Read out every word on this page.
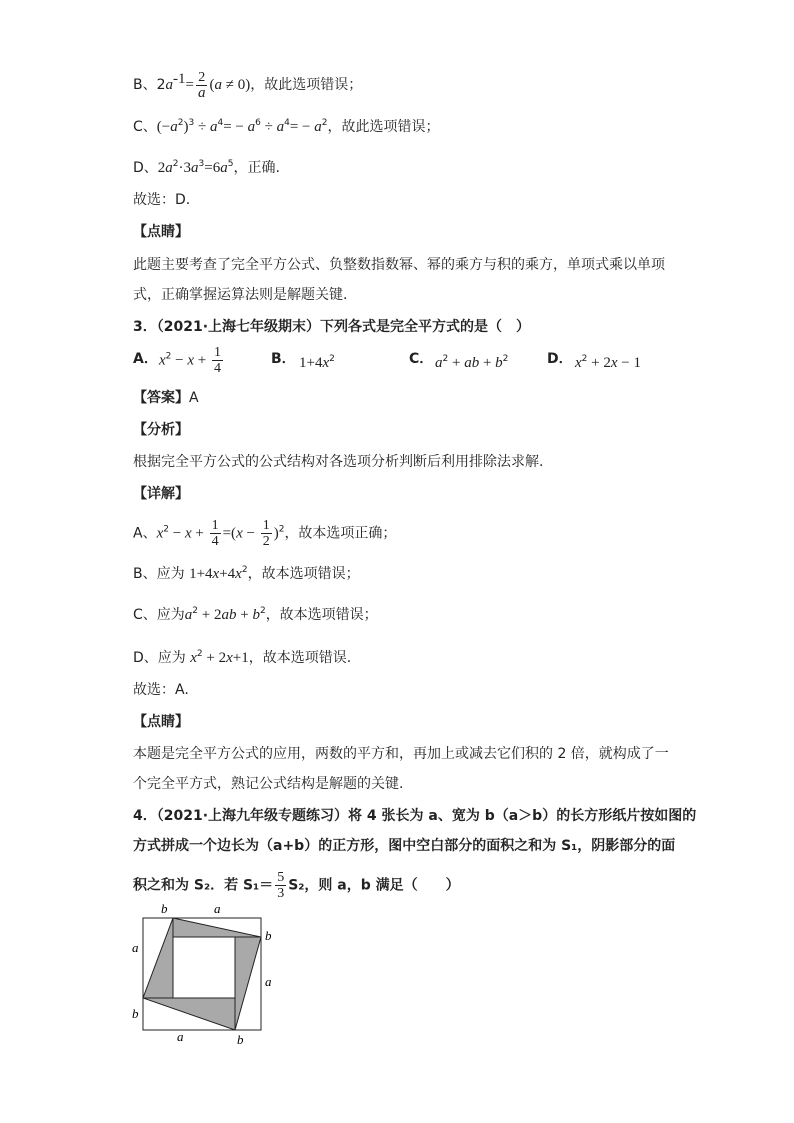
B、$2a^{-1}= \frac{2}{a} (a \ne 0)$，故此选项错误；
C、$(-a^2)^3 \div a^4= - a^6 \div a^4= - a^2$，故此选项错误；
D、$2a^2\cdot 3a^3=6a^5$，正确.
故选：D.
【点睛】
此题主要考查了完全平方公式、负整数指数幂、幂的乘方与积的乘方，单项式乘以单项
式，正确掌握运算法则是解题关键.
3．（2021·上海七年级期末）下列各式是完全平方式的是（　）
A． $x^2 - x + \frac{1}{4}$	B． $1+4x^2$	C． $a^2$ + ab + $b^2$	D． $x^2 + 2x - 1$
【答案】A
【分析】
根据完全平方公式的公式结构对各选项分析判断后利用排除法求解.
【详解】
A、$x^2 - x + \frac{1}{4} =(x - \frac{1}{2} )^2$，故本选项正确；
B、应为 $1+4x+4x^2$，故本选项错误；
C、应为$a^2 + 2ab + b^2$，故本选项错误；
D、应为 $x^2 + 2x+1$，故本选项错误.
故选：A.
【点睛】
本题是完全平方公式的应用，两数的平方和，再加上或减去它们积的 2 倍，就构成了一
个完全平方式，熟记公式结构是解题的关键.
4．（2021·上海九年级专题练习）将 4 张长为 a、宽为 b（a＞b）的长方形纸片按如图的
方式拼成一个边长为（a+b）的正方形，图中空白部分的面积之和为 S₁，阴影部分的面
积之和为 S₂．若 $S_1= \frac{5}{3} S_2$，则 a，b 满足（　　）
b	a
a
b
b
a
a	b
